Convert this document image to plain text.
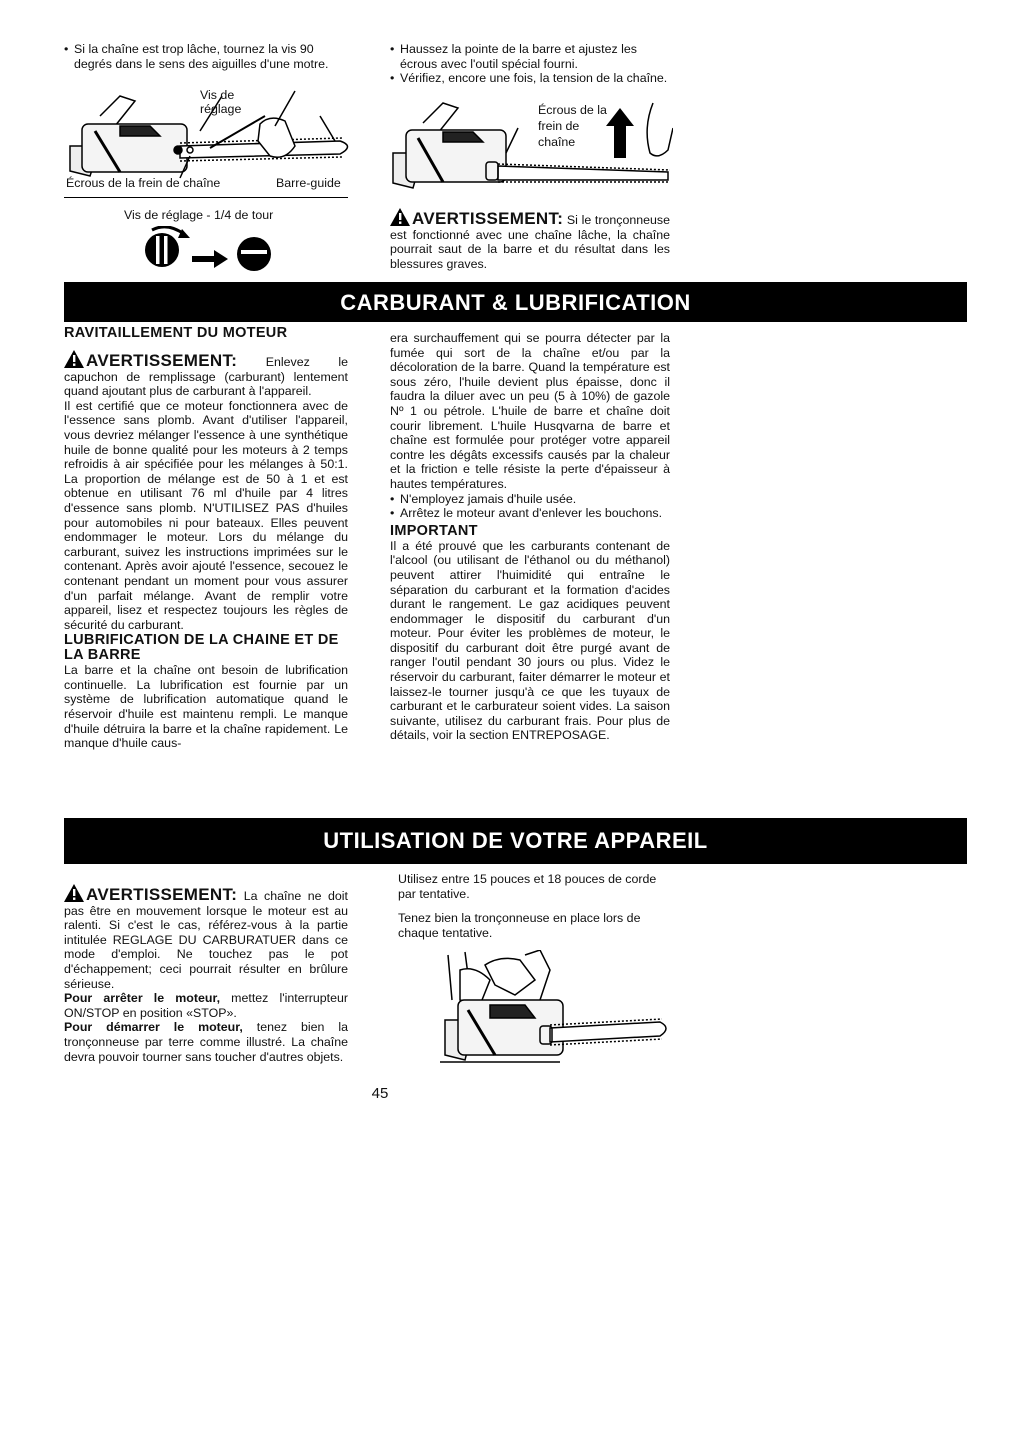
• Si la chaîne est trop lâche, tournez la vis 90 degrés dans le sens des aiguilles d'une motre.
Vis de réglage
Écrous de la frein de chaîne	Barre-guide
Vis de réglage - 1/4 de tour
• Haussez la pointe de la barre et ajustez les écrous avec l'outil spécial fourni.
• Vérifiez, encore une fois, la tension de la chaîne.
Écrous de la frein de chaîne

AVERTISSEMENT: Si le tronçonneuse est fonctionné avec une chaîne lâche, la chaîne pourrait saut de la barre et du résultat dans les blessures graves.

CARBURANT & LUBRIFICATION

RAVITAILLEMENT DU MOTEUR

AVERTISSEMENT: Enlevez le capuchon de remplissage (carburant) lentement quand ajoutant plus de carburant à l'appareil.

Il est certifié que ce moteur fonctionnera avec de l'essence sans plomb. Avant d'utiliser l'appareil, vous devriez mélanger l'essence à une synthétique huile de bonne qualité pour les moteurs à 2 temps refroidis à air spécifiée pour les mélanges à 50:1. La proportion de mélange est de 50 à 1 et est obtenue en utilisant 76 ml d'huile par 4 litres d'essence sans plomb. N'UTILISEZ PAS d'huiles pour automobiles ni pour bateaux. Elles peuvent endommager le moteur. Lors du mélange du carburant, suivez les instructions imprimées sur le contenant. Après avoir ajouté l'essence, secouez le contenant pendant un moment pour vous assurer d'un parfait mélange. Avant de remplir votre appareil, lisez et respectez toujours les règles de sécurité du carburant.

LUBRIFICATION DE LA CHAINE ET DE LA BARRE

La barre et la chaîne ont besoin de lubrification continuelle. La lubrification est fournie par un système de lubrification automatique quand le réservoir d'huile est maintenu rempli. Le manque d'huile détruira la barre et la chaîne rapidement. Le manque d'huile caus-

era surchauffement qui se pourra détecter par la fumée qui sort de la chaîne et/ou par la décoloration de la barre. Quand la température est sous zéro, l'huile devient plus épaisse, donc il faudra la diluer avec un peu (5 à 10%) de gazole Nº 1 ou pétrole. L'huile de barre et chaîne doit courir librement. L'huile Husqvarna de barre et chaîne est formulée pour protéger votre appareil contre les dégâts excessifs causés par la chaleur et la friction e telle résiste la perte d'épaisseur à hautes températures.

• N'employez jamais d'huile usée.
• Arrêtez le moteur avant d'enlever les bouchons.

IMPORTANT

Il a été prouvé que les carburants contenant de l'alcool (ou utilisant de l'éthanol ou du méthanol) peuvent attirer l'huimidité qui entraîne le séparation du carburant et la formation d'acides durant le rangement. Le gaz acidiques peuvent endommager le dispositif du carburant d'un moteur. Pour éviter les problèmes de moteur, le dispositif du carburant doit être purgé avant de ranger l'outil pendant 30 jours ou plus. Videz le réservoir du carburant, faiter démarrer le moteur et laissez-le tourner jusqu'à ce que les tuyaux de carburant et le carburateur soient vides. La saison suivante, utilisez du carburant frais. Pour plus de détails, voir la section ENTREPOSAGE.

UTILISATION DE VOTRE APPAREIL

AVERTISSEMENT: La chaîne ne doit pas être en mouvement lorsque le moteur est au ralenti. Si c'est le cas, référez-vous à la partie intitulée REGLAGE DU CARBURATUER dans ce mode d'emploi. Ne touchez pas le pot d'échappement; ceci pourrait résulter en brûlure sérieuse.

Pour arrêter le moteur, mettez l'interrupteur ON/STOP en position «STOP».

Pour démarrer le moteur, tenez bien la tronçonneuse par terre comme illustré. La chaîne devra pouvoir tourner sans toucher d'autres objets.

Utilisez entre 15 pouces et 18 pouces de corde par tentative.

Tenez bien la tronçonneuse en place lors de chaque tentative.

45
